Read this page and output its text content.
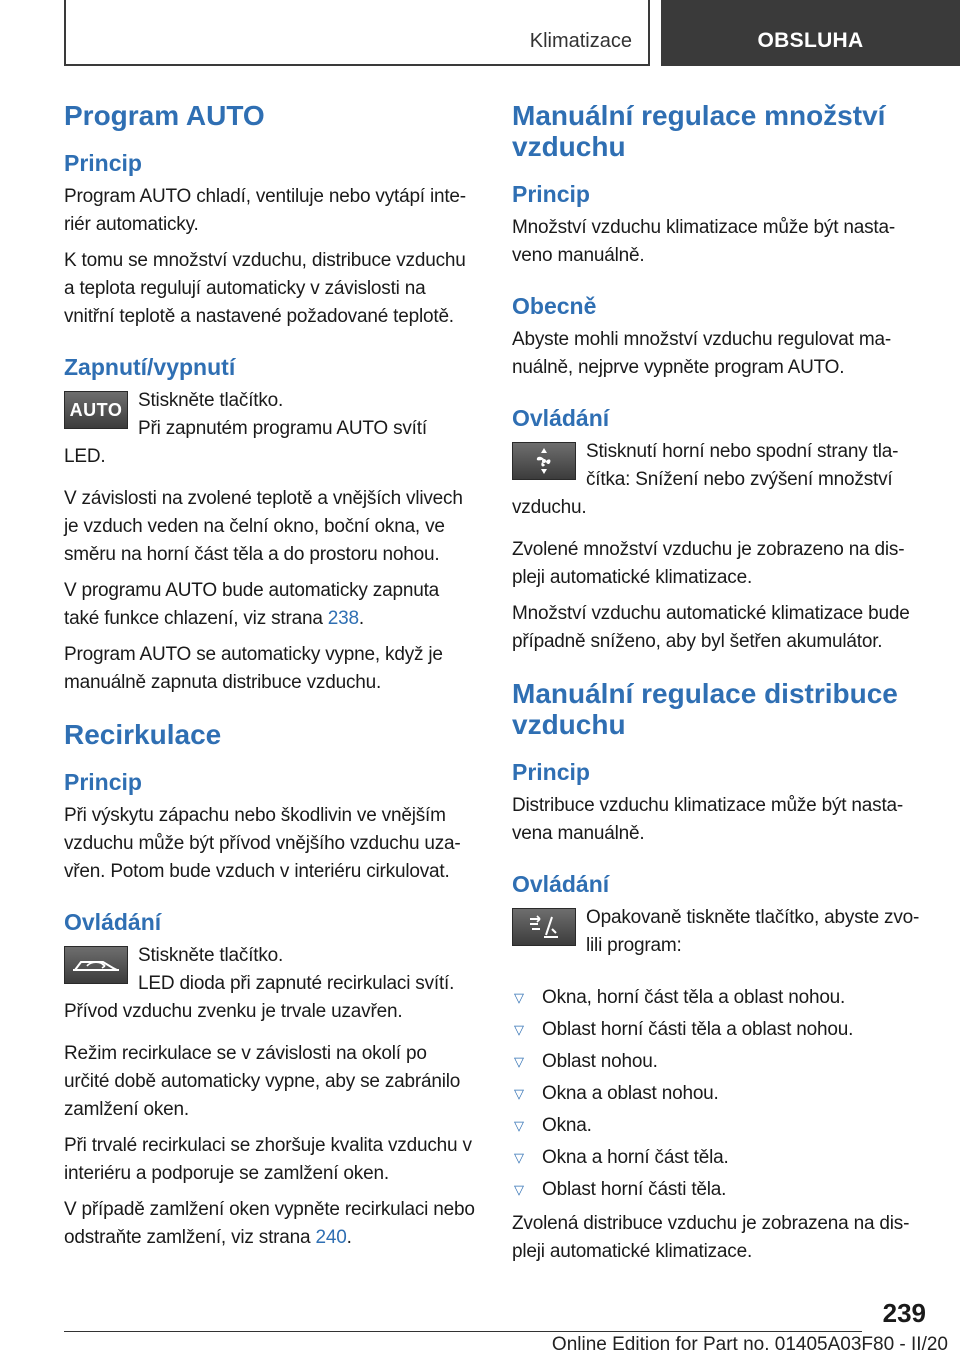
Klimatizace	OBSLUHA
Program AUTO
Princip

Program AUTO chladí, ventiluje nebo vytápí inte‐riér automaticky.

K tomu se množství vzduchu, distribuce vzduchu a teplota regulují automaticky v závislosti na vnitřní teplotě a nastavené požadované teplotě.

Zapnutí/vypnutí
AUTO Stiskněte tlačítko.
Při zapnutém programu AUTO svítí
LED.

V závislosti na zvolené teplotě a vnějších vlivech je vzduch veden na čelní okno, boční okna, ve směru na horní část těla a do prostoru nohou.

V programu AUTO bude automaticky zapnuta také funkce chlazení, viz strana 238.

Program AUTO se automaticky vypne, když je manuálně zapnuta distribuce vzduchu.

Recirkulace
Princip

Při výskytu zápachu nebo škodlivin ve vnějším vzduchu může být přívod vnějšího vzduchu uza‐vřen. Potom bude vzduch v interiéru cirkulovat.

Ovládání
Stiskněte tlačítko.
LED dioda při zapnuté recirkulaci svítí.
Přívod vzduchu zvenku je trvale uzavřen.

Režim recirkulace se v závislosti na okolí po určité době automaticky vypne, aby se zabránilo zamlžení oken.

Při trvalé recirkulaci se zhoršuje kvalita vzduchu v interiéru a podporuje se zamlžení oken.

V případě zamlžení oken vypněte recirkulaci nebo odstraňte zamlžení, viz strana 240.

Manuální regulace množství vzduchu
Princip

Množství vzduchu klimatizace může být nasta‐veno manuálně.

Obecně

Abyste mohli množství vzduchu regulovat ma‐nuálně, nejprve vypněte program AUTO.

Ovládání
Stisknutí horní nebo spodní strany tla‐
čítka: Snížení nebo zvýšení množství
vzduchu.

Zvolené množství vzduchu je zobrazeno na dis‐pleji automatické klimatizace.

Množství vzduchu automatické klimatizace bude případně sníženo, aby byl šetřen akumulátor.

Manuální regulace distribuce vzduchu
Princip

Distribuce vzduchu klimatizace může být nasta‐vena manuálně.

Ovládání
Opakovaně tiskněte tlačítko, abyste zvo‐
lili program:
▽ Okna, horní část těla a oblast nohou.
▽ Oblast horní části těla a oblast nohou.
▽ Oblast nohou.
▽ Okna a oblast nohou.
▽ Okna.
▽ Okna a horní část těla.
▽ Oblast horní části těla.

Zvolená distribuce vzduchu je zobrazena na dis‐pleji automatické klimatizace.

239
Online Edition for Part no. 01405A03F80 - II/20
